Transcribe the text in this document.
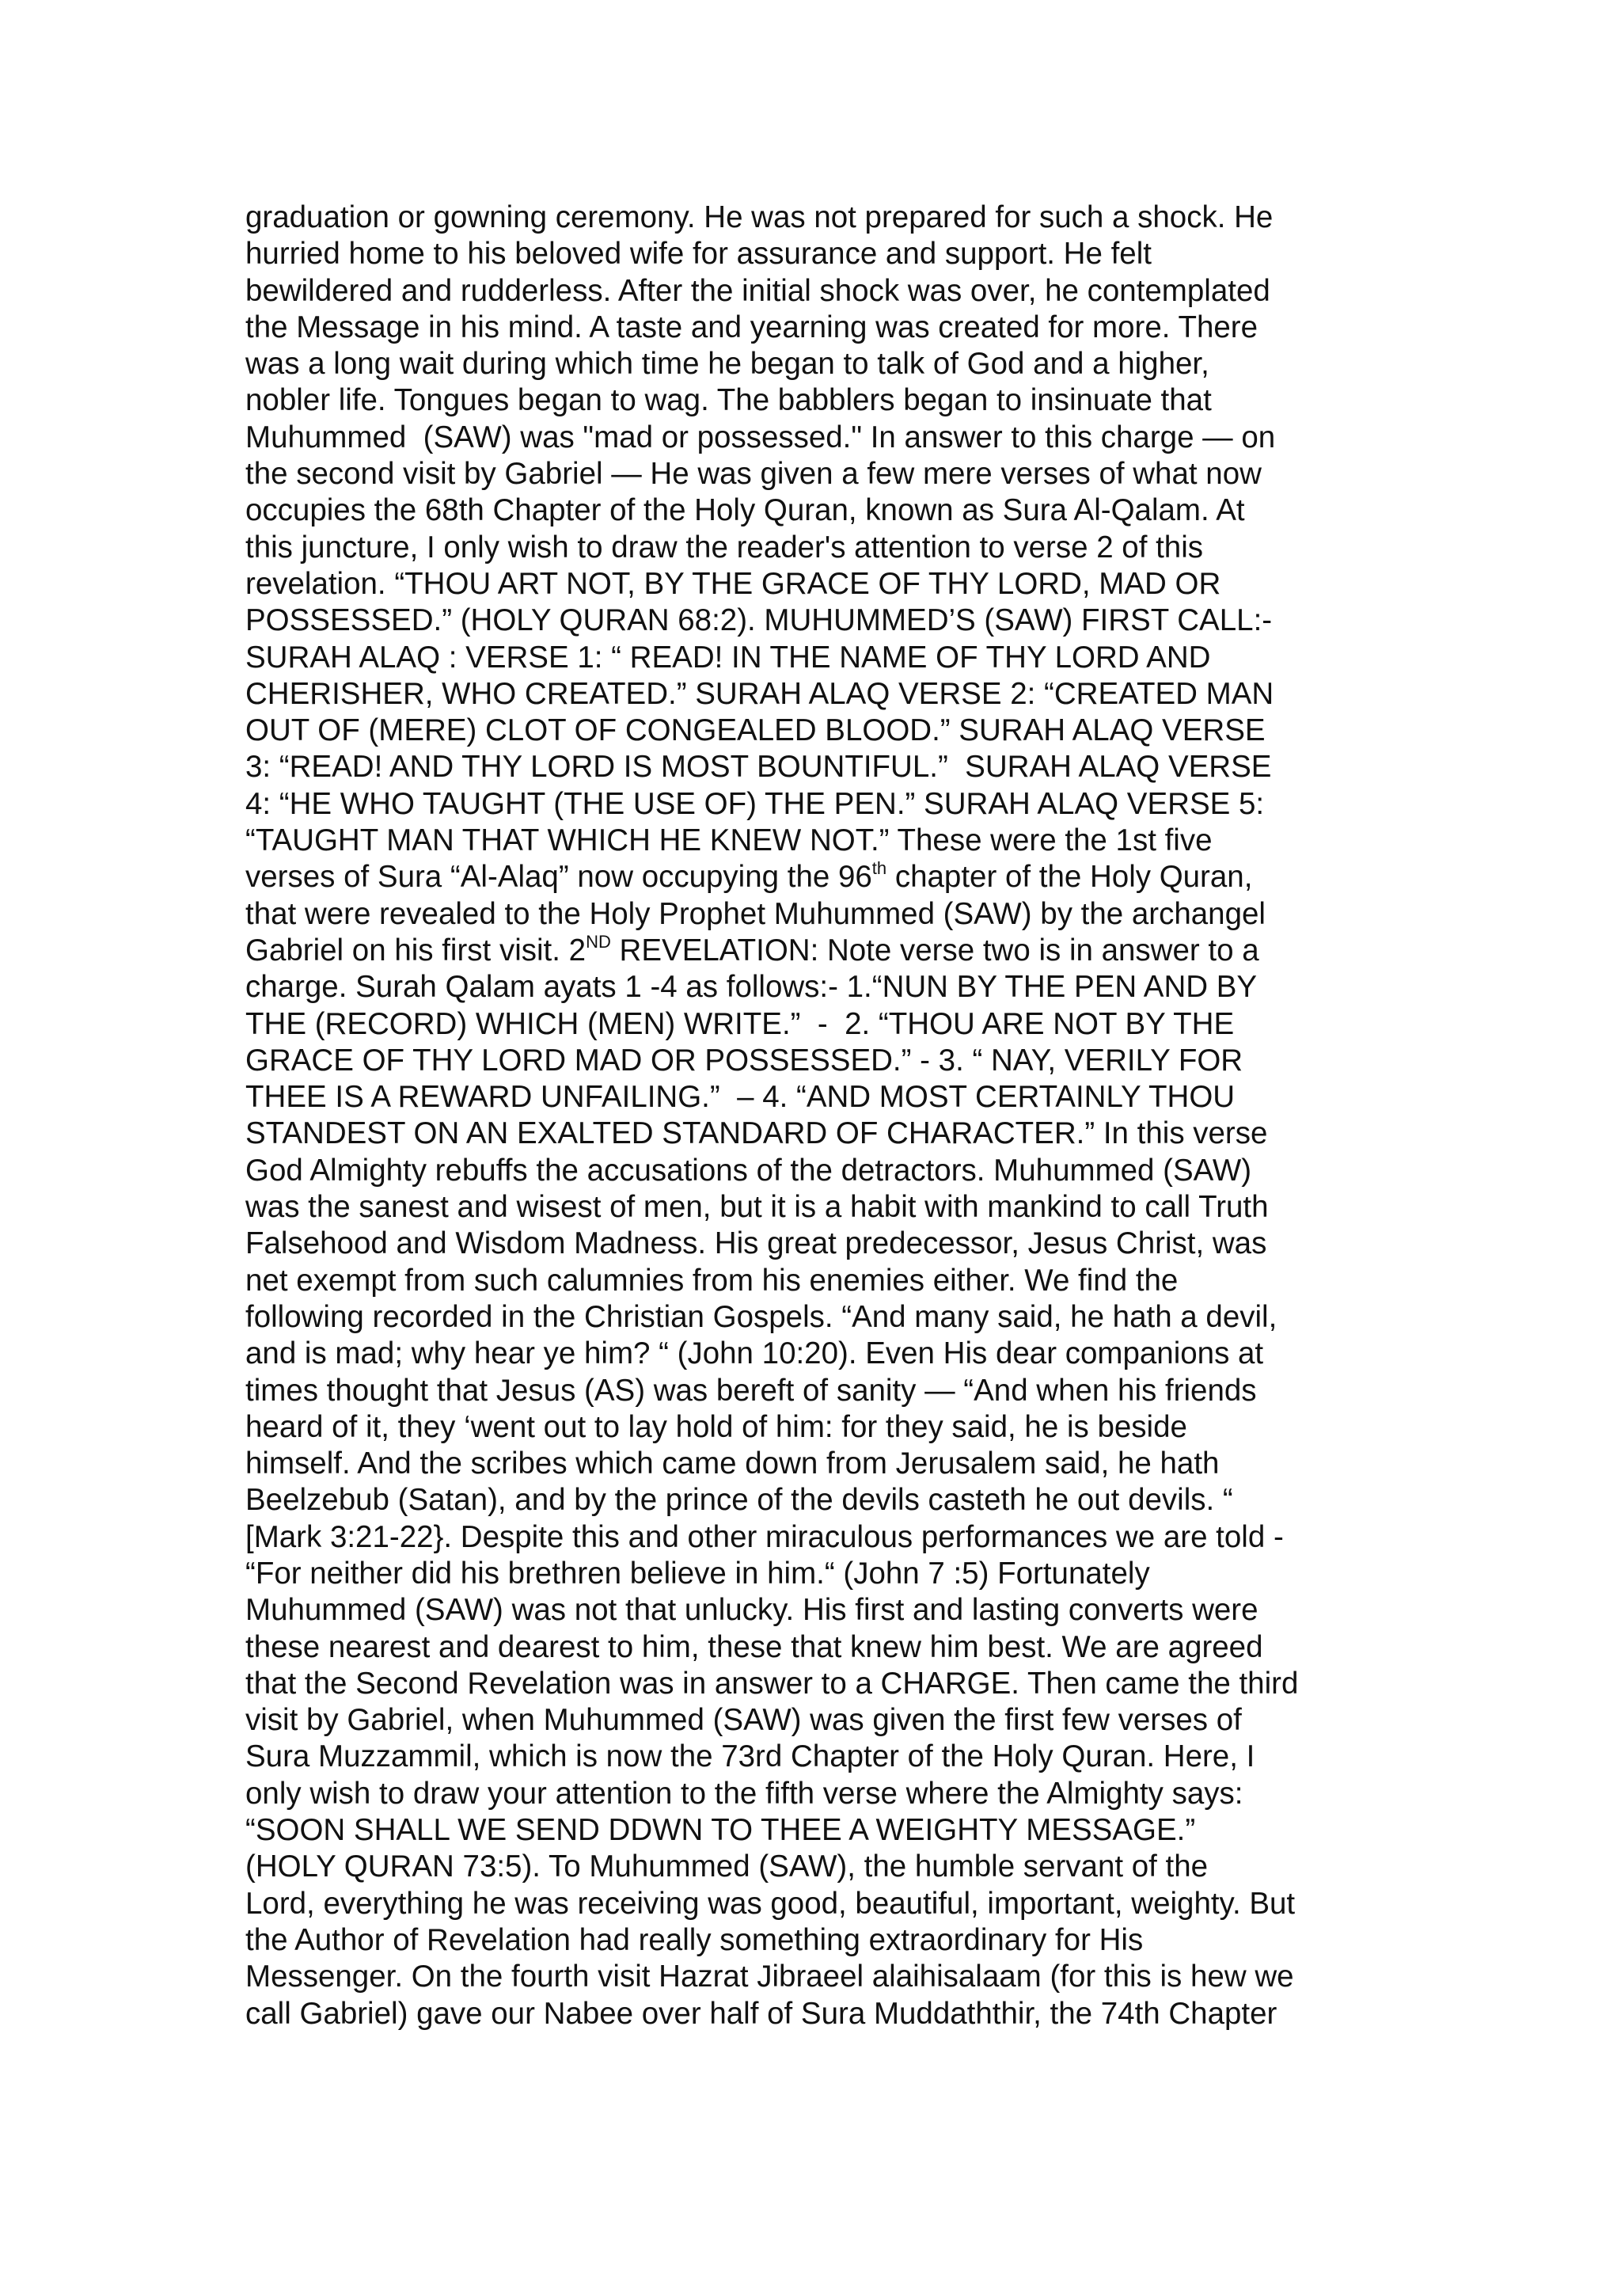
graduation or gowning ceremony. He was not prepared for such a shock. He
hurried home to his beloved wife for assurance and support. He felt
bewildered and rudderless. After the initial shock was over, he contemplated
the Message in his mind. A taste and yearning was created for more. There
was a long wait during which time he began to talk of God and a higher,
nobler life. Tongues began to wag. The babblers began to insinuate that
Muhummed  (SAW) was "mad or possessed." In answer to this charge — on
the second visit by Gabriel — He was given a few mere verses of what now
occupies the 68th Chapter of the Holy Quran, known as Sura Al-Qalam. At
this juncture, I only wish to draw the reader's attention to verse 2 of this
revelation. “THOU ART NOT, BY THE GRACE OF THY LORD, MAD OR
POSSESSED.” (HOLY QURAN 68:2). MUHUMMED’S (SAW) FIRST CALL:-
SURAH ALAQ : VERSE 1: “ READ! IN THE NAME OF THY LORD AND
CHERISHER, WHO CREATED.” SURAH ALAQ VERSE 2: “CREATED MAN
OUT OF (MERE) CLOT OF CONGEALED BLOOD.” SURAH ALAQ VERSE
3: “READ! AND THY LORD IS MOST BOUNTIFUL.”  SURAH ALAQ VERSE
4: “HE WHO TAUGHT (THE USE OF) THE PEN.” SURAH ALAQ VERSE 5:
“TAUGHT MAN THAT WHICH HE KNEW NOT.” These were the 1st five
verses of Sura “Al-Alaq” now occupying the 96th chapter of the Holy Quran,
that were revealed to the Holy Prophet Muhummed (SAW) by the archangel
Gabriel on his first visit. 2ND REVELATION: Note verse two is in answer to a
charge. Surah Qalam ayats 1 -4 as follows:- 1.“NUN BY THE PEN AND BY
THE (RECORD) WHICH (MEN) WRITE.”  -  2. “THOU ARE NOT BY THE
GRACE OF THY LORD MAD OR POSSESSED.” - 3. “ NAY, VERILY FOR
THEE IS A REWARD UNFAILING.”  – 4. “AND MOST CERTAINLY THOU
STANDEST ON AN EXALTED STANDARD OF CHARACTER.” In this verse
God Almighty rebuffs the accusations of the detractors. Muhummed (SAW)
was the sanest and wisest of men, but it is a habit with mankind to call Truth
Falsehood and Wisdom Madness. His great predecessor, Jesus Christ, was
net exempt from such calumnies from his enemies either. We find the
following recorded in the Christian Gospels. “And many said, he hath a devil,
and is mad; why hear ye him? “ (John 10:20). Even His dear companions at
times thought that Jesus (AS) was bereft of sanity — “And when his friends
heard of it, they ‘went out to lay hold of him: for they said, he is beside
himself. And the scribes which came down from Jerusalem said, he hath
Beelzebub (Satan), and by the prince of the devils casteth he out devils. “
[Mark 3:21-22}. Despite this and other miraculous performances we are told -
“For neither did his brethren believe in him.“ (John 7 :5) Fortunately
Muhummed (SAW) was not that unlucky. His first and lasting converts were
these nearest and dearest to him, these that knew him best. We are agreed
that the Second Revelation was in answer to a CHARGE. Then came the third
visit by Gabriel, when Muhummed (SAW) was given the first few verses of
Sura Muzzammil, which is now the 73rd Chapter of the Holy Quran. Here, I
only wish to draw your attention to the fifth verse where the Almighty says:
“SOON SHALL WE SEND DDWN TO THEE A WEIGHTY MESSAGE.”
(HOLY QURAN 73:5). To Muhummed (SAW), the humble servant of the
Lord, everything he was receiving was good, beautiful, important, weighty. But
the Author of Revelation had really something extraordinary for His
Messenger. On the fourth visit Hazrat Jibraeel alaihisalaam (for this is hew we
call Gabriel) gave our Nabee over half of Sura Muddaththir, the 74th Chapter
